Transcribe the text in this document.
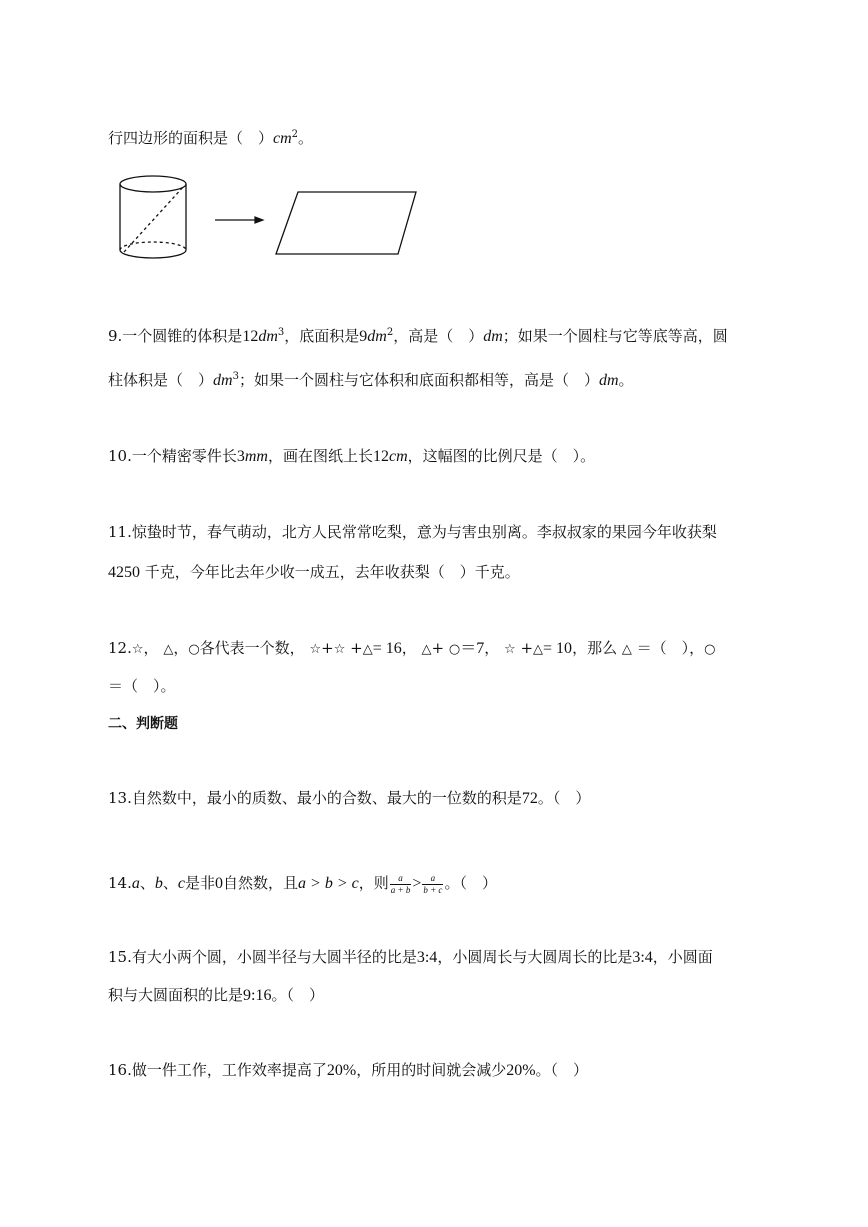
行四边形的面积是（　）$cm^2$。
9.一个圆锥的体积是$12dm^3$，底面积是$9dm^2$，高是（　）dm；如果一个圆柱与它等底等高，圆
柱体积是（　）$dm^3$；如果一个圆柱与它体积和底面积都相等，高是（　）dm。
10.一个精密零件长3mm，画在图纸上长12cm，这幅图的比例尺是（　）。
11.惊蛰时节，春气萌动，北方人民常常吃梨，意为与害虫别离。李叔叔家的果园今年收获梨
4250 千克，今年比去年少收一成五，去年收获梨（　）千克。
12.☆， △，○各代表一个数， ☆+☆ +△= 16， △+ ○＝7， ☆ +△= 10，那么 △ ＝（　），○
＝（　）。
二、判断题
13.自然数中，最小的质数、最小的合数、最大的一位数的积是72。（　）
14.a、b、c是非0自然数，且a > b > c，则 $\frac{a}{a + b} > \frac{a}{b + c}$ 。（　）
15.有大小两个圆，小圆半径与大圆半径的比是3:4，小圆周长与大圆周长的比是3:4，小圆面
积与大圆面积的比是9:16。（　）
16.做一件工作，工作效率提高了20%，所用的时间就会减少20%。（　）
